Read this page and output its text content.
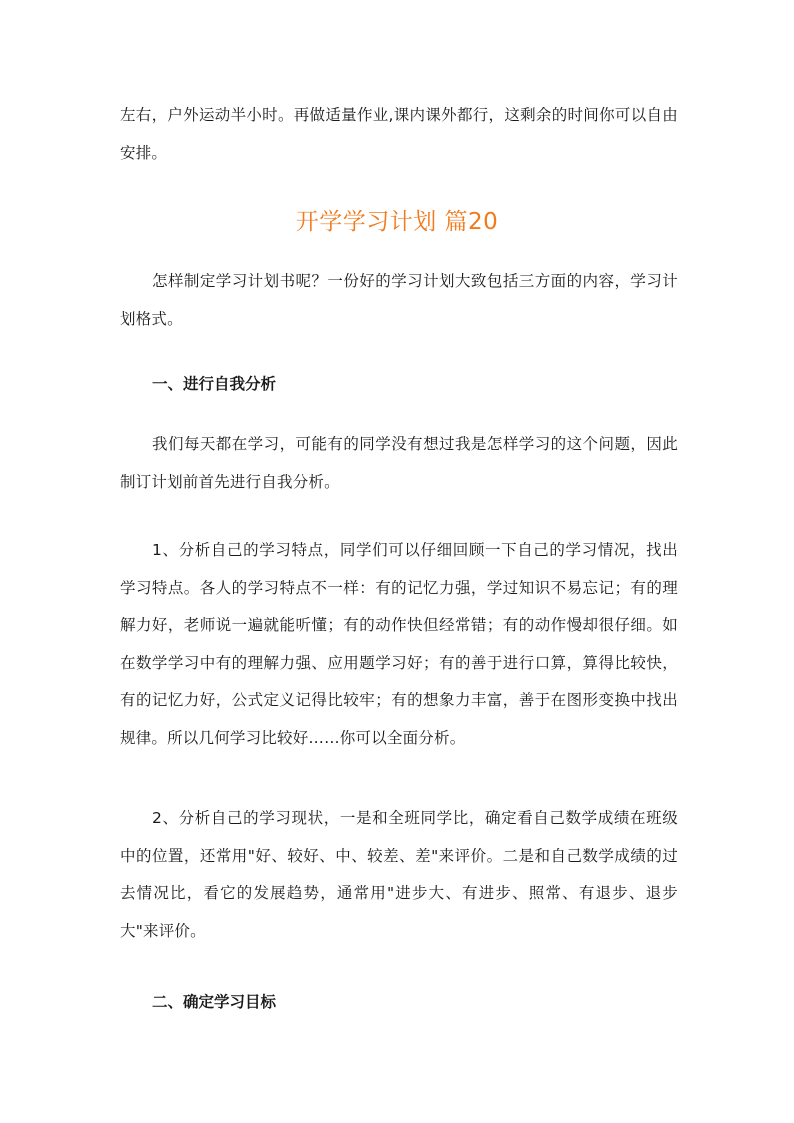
左右，户外运动半小时。再做适量作业,课内课外都行，这剩余的时间你可以自由安排。

开学学习计划 篇20

怎样制定学习计划书呢？一份好的学习计划大致包括三方面的内容，学习计划格式。

一、进行自我分析

我们每天都在学习，可能有的同学没有想过我是怎样学习的这个问题，因此制订计划前首先进行自我分析。

1、分析自己的学习特点，同学们可以仔细回顾一下自己的学习情况，找出学习特点。各人的学习特点不一样：有的记忆力强，学过知识不易忘记；有的理解力好，老师说一遍就能听懂；有的动作快但经常错；有的动作慢却很仔细。如在数学学习中有的理解力强、应用题学习好；有的善于进行口算，算得比较快，有的记忆力好，公式定义记得比较牢；有的想象力丰富，善于在图形变换中找出规律。所以几何学习比较好……你可以全面分析。

2、分析自己的学习现状，一是和全班同学比，确定看自己数学成绩在班级中的位置，还常用"好、较好、中、较差、差"来评价。二是和自己数学成绩的过去情况比，看它的发展趋势，通常用"进步大、有进步、照常、有退步、退步大"来评价。

二、确定学习目标
